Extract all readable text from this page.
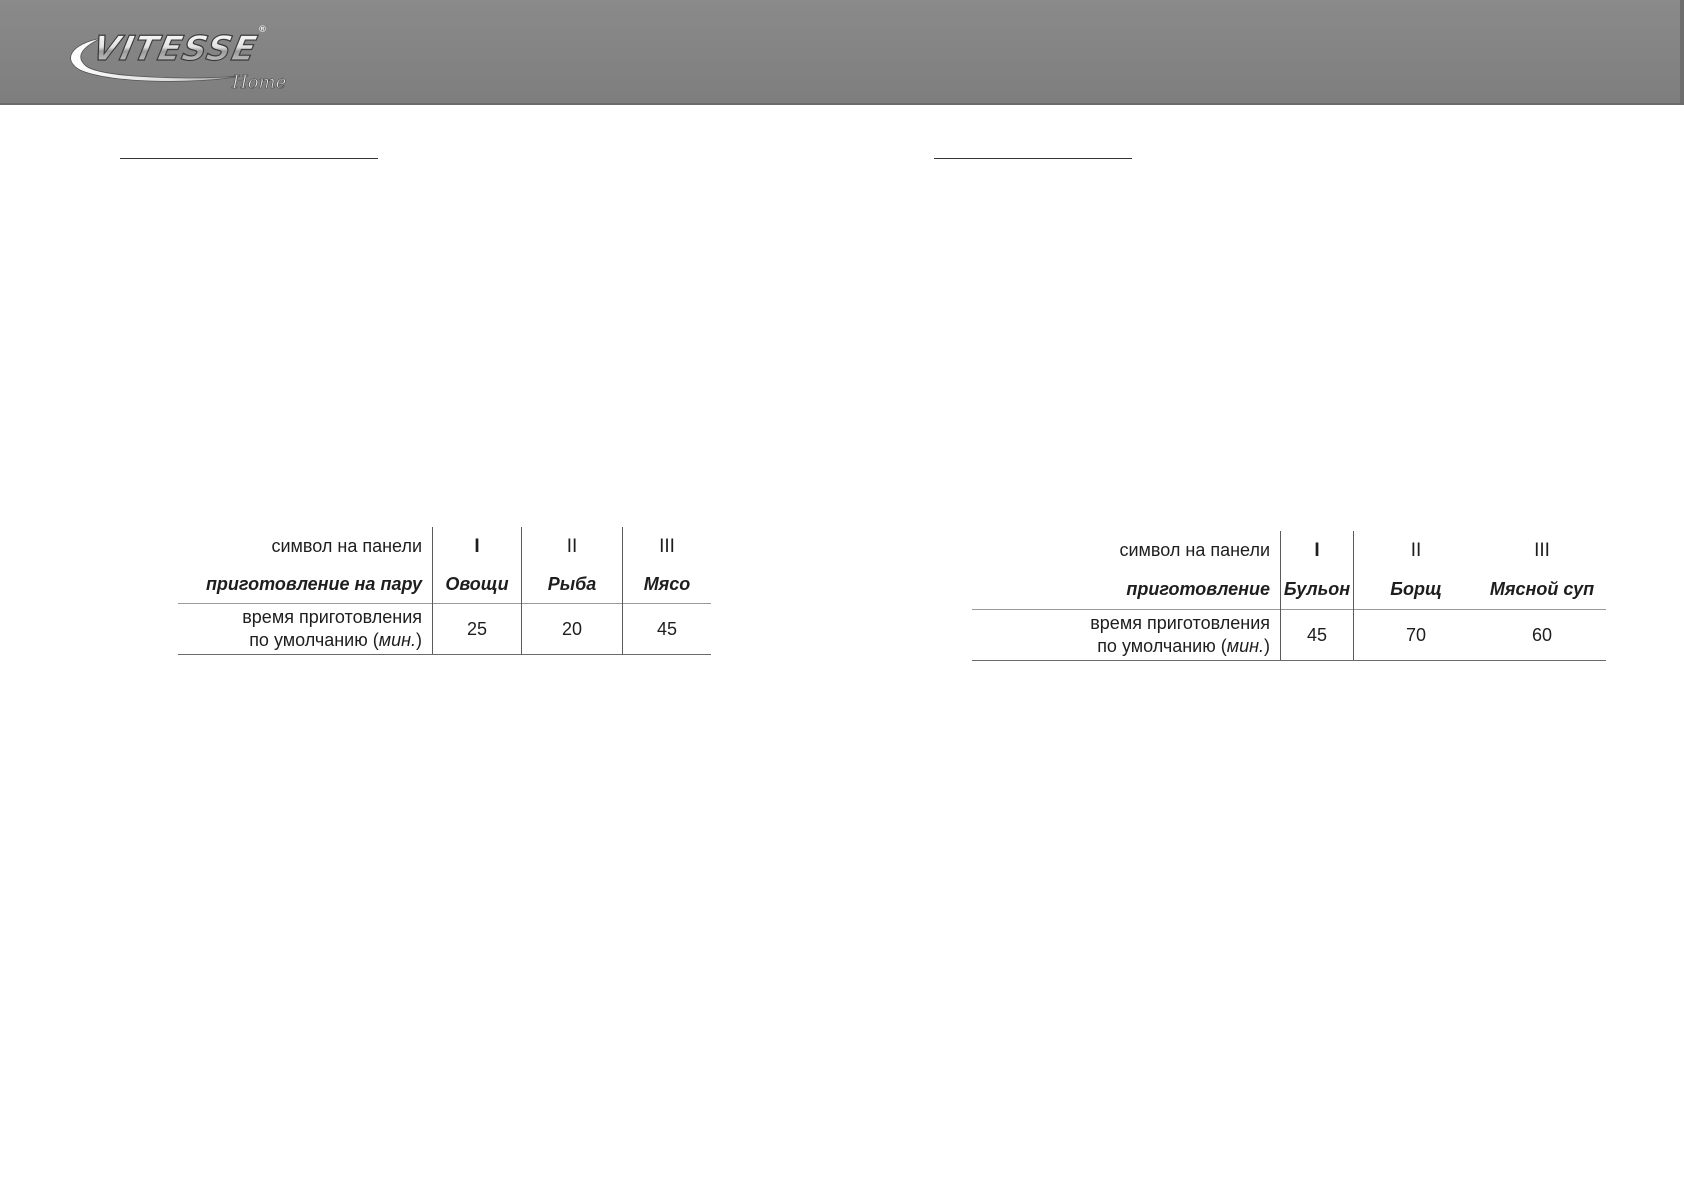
VITESSE
®
Home
символ на панели	I	II	III
приготовление на пару	Овощи	Рыба	Мясо
время приготовления
по умолчанию (мин.)	25	20	45
символ на панели	I	II	III
приготовление	Бульон	Борщ	Мясной суп
время приготовления
по умолчанию (мин.)	45	70	60
